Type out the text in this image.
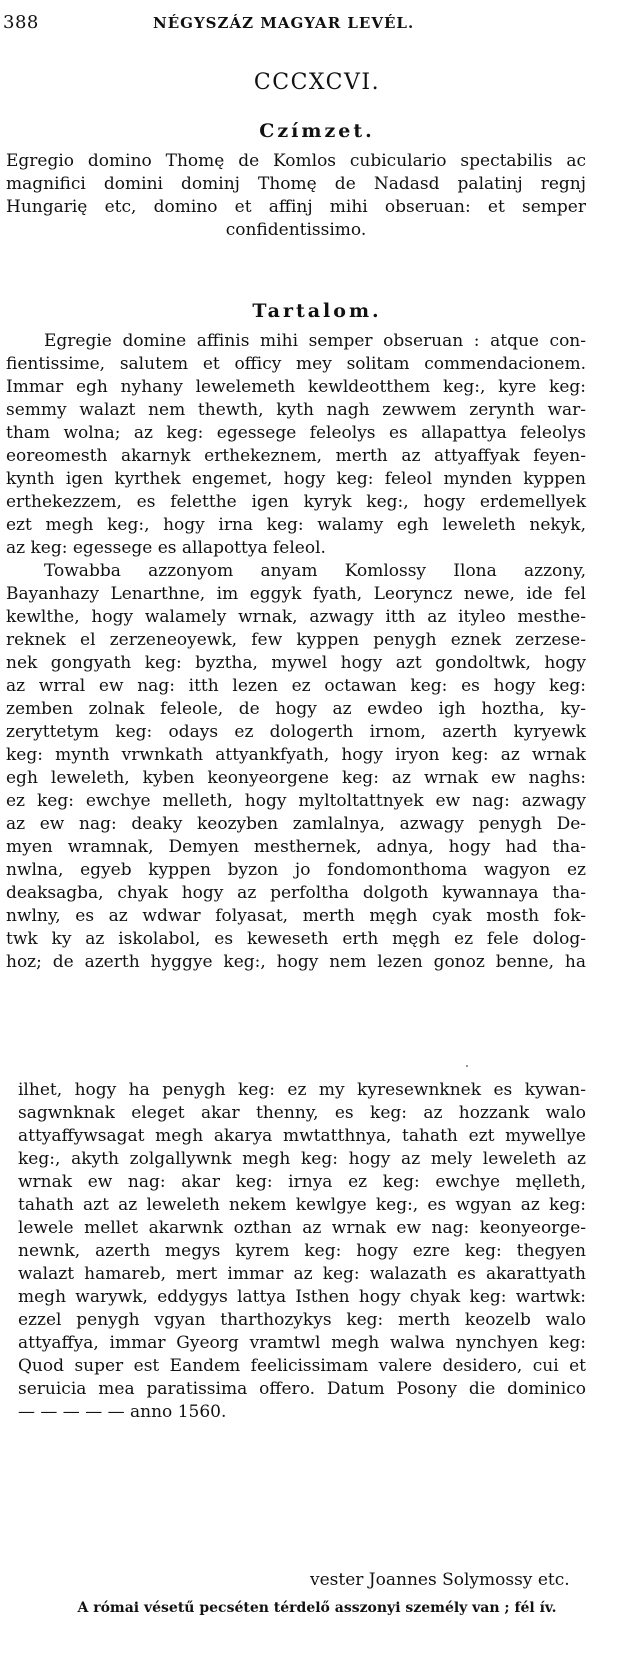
388	NÉGYSZÁZ MAGYAR LEVÉL.
CCCXCVI.
Czímzet.
Egregio domino Thomę de Komlos cubiculario spectabilis ac
magnifici domini dominj Thomę de Nadasd palatinj regnj
Hungarię etc, domino et affinj mihi obseruan: et semper
confidentissimo.
Tartalom.
Egregie domine affinis mihi semper obseruan : atque con-
fientissime, salutem et officy mey solitam commendacionem.
Immar egh nyhany lewelemeth kewldeotthem keg:, kyre keg:
semmy walazt nem thewth, kyth nagh zewwem zerynth war-
tham wolna; az keg: egessege feleolys es allapattya feleolys
eoreomesth akarnyk erthekeznem, merth az attyaffyak feyen-
kynth igen kyrthek engemet, hogy keg: feleol mynden kyppen
erthekezzem, es feletthe igen kyryk keg:, hogy erdemellyek
ezt megh keg:, hogy irna keg: walamy egh leweleth nekyk,
az keg: egessege es allapottya feleol.
Towabba azzonyom anyam Komlossy Ilona azzony,
Bayanhazy Lenarthne, im eggyk fyath, Leoryncz newe, ide fel
kewlthe, hogy walamely wrnak, azwagy itth az ityleo mesthe-
reknek el zerzeneoyewk, few kyppen penygh eznek zerzese-
nek gongyath keg: byztha, mywel hogy azt gondoltwk, hogy
az wrral ew nag: itth lezen ez octawan keg: es hogy keg:
zemben zolnak feleole, de hogy az ewdeo igh hoztha, ky-
zeryttetym keg: odays ez dologerth irnom, azerth kyryewk
keg: mynth vrwnkath attyankfyath, hogy iryon keg: az wrnak
egh leweleth, kyben keonyeorgene keg: az wrnak ew naghs:
ez keg: ewchye melleth, hogy myltoltattnyek ew nag: azwagy
az ew nag: deaky keozyben zamlalnya, azwagy penygh De-
myen wramnak, Demyen mesthernek, adnya, hogy had tha-
nwlna, egyeb kyppen byzon jo fondomonthoma wagyon ez
deaksagba, chyak hogy az perfoltha dolgoth kywannaya tha-
nwlny, es az wdwar folyasat, merth męgh cyak mosth fok-
twk ky az iskolabol, es keweseth erth męgh ez fele dolog-
hoz; de azerth hyggye keg:, hogy nem lezen gonoz benne, ha
ilhet, hogy ha penygh keg: ez my kyresewnknek es kywan-
sagwnknak eleget akar thenny, es keg: az hozzank walo
attyaffywsagat megh akarya mwtatthnya, tahath ezt mywellye
keg:, akyth zolgallywnk megh keg: hogy az mely leweleth az
wrnak ew nag: akar keg: irnya ez keg: ewchye męlleth,
tahath azt az leweleth nekem kewlgye keg:, es wgyan az keg:
lewele mellet akarwnk ozthan az wrnak ew nag: keonyeorge-
newnk, azerth megys kyrem keg: hogy ezre keg: thegyen
walazt hamareb, mert immar az keg: walazath es akarattyath
megh warywk, eddygys lattya Isthen hogy chyak keg: wartwk:
ezzel penygh vgyan tharthozykys keg: merth keozelb walo
attyaffya, immar Gyeorg vramtwl megh walwa nynchyen keg:
Quod super est Eandem feelicissimam valere desidero, cui et
seruicia mea paratissima offero. Datum Posony die dominico
— — — — — anno 1560.
vester Joannes Solymossy etc.
A római vésetű pecséten térdelő asszonyi személy van ; fél ív.
